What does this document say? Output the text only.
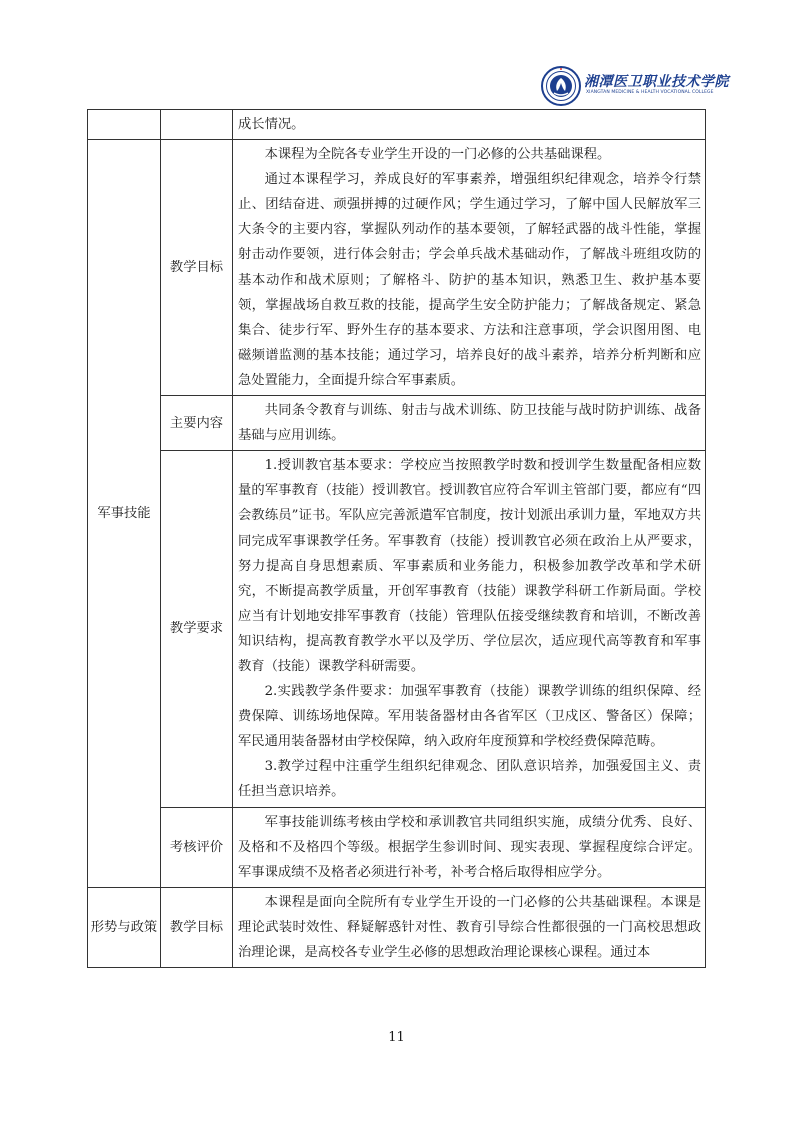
湘潭医卫职业技术学院
XIANGTAN MEDICINE & HEALTH VOCATIONAL COLLEGE

		成长情况。

军事技能	教学目标	本课程为全院各专业学生开设的一门必修的公共基础课程。

通过本课程学习，养成良好的军事素养，增强组织纪律观念，培养令行禁止、团结奋进、顽强拼搏的过硬作风；学生通过学习，了解中国人民解放军三大条令的主要内容，掌握队列动作的基本要领，了解轻武器的战斗性能，掌握射击动作要领，进行体会射击；学会单兵战术基础动作，了解战斗班组攻防的基本动作和战术原则；了解格斗、防护的基本知识，熟悉卫生、救护基本要领，掌握战场自救互救的技能，提高学生安全防护能力；了解战备规定、紧急集合、徒步行军、野外生存的基本要求、方法和注意事项，学会识图用图、电磁频谱监测的基本技能；通过学习，培养良好的战斗素养，培养分析判断和应急处置能力，全面提升综合军事素质。

	主要内容	共同条令教育与训练、射击与战术训练、防卫技能与战时防护训练、战备基础与应用训练。

	教学要求	1.授训教官基本要求：学校应当按照教学时数和授训学生数量配备相应数量的军事教育（技能）授训教官。授训教官应符合军训主管部门要，都应有“四会教练员”证书。军队应完善派遣军官制度，按计划派出承训力量，军地双方共同完成军事课教学任务。军事教育（技能）授训教官必须在政治上从严要求，努力提高自身思想素质、军事素质和业务能力，积极参加教学改革和学术研究，不断提高教学质量，开创军事教育（技能）课教学科研工作新局面。学校应当有计划地安排军事教育（技能）管理队伍接受继续教育和培训，不断改善知识结构，提高教育教学水平以及学历、学位层次，适应现代高等教育和军事教育（技能）课教学科研需要。

2.实践教学条件要求：加强军事教育（技能）课教学训练的组织保障、经费保障、训练场地保障。军用装备器材由各省军区（卫戍区、警备区）保障；军民通用装备器材由学校保障，纳入政府年度预算和学校经费保障范畴。

3.教学过程中注重学生组织纪律观念、团队意识培养，加强爱国主义、责任担当意识培养。

	考核评价	军事技能训练考核由学校和承训教官共同组织实施，成绩分优秀、良好、及格和不及格四个等级。根据学生参训时间、现实表现、掌握程度综合评定。军事课成绩不及格者必须进行补考，补考合格后取得相应学分。

形势与政策	教学目标	本课程是面向全院所有专业学生开设的一门必修的公共基础课程。本课是理论武装时效性、释疑解惑针对性、教育引导综合性都很强的一门高校思想政治理论课，是高校各专业学生必修的思想政治理论课核心课程。通过本

11
